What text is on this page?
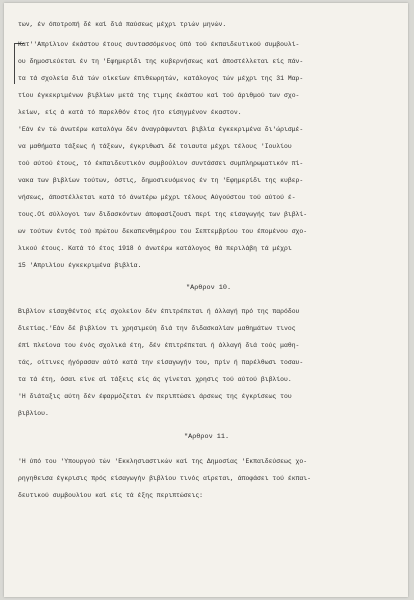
των, έν όποτροπή δέ καί διά παύσεως μέχρι τριών μηνών.
Κατ''Απρίλιον έκάστου έτους συντασσόμενος ύπό τού έκπαιδευτικού συμβουλί-
ου δημοσιεύεται έν τη 'Εφημερίδι της κυβερνήσεως καί άποστέλλεται είς πάν-
τα τά σχολεία διά τών οίκείων έπιθεωρητών, κατάλογος τών μέχρι της 31 Μαρ-
τίου έγκεκριμένων βιβλίων μετά της τιμης έκάστου καί τού άριθμού των σχο-
λείων, είς ά κατά τό παρελθόν έτος ήτο είσηγμένον έκαστον.
'Εάν έν τώ άνωτέρω καταλόγω δέν άναγράφωνται βιβλία έγκεκριμένα δι'ώρισμέ-
να μαθήματα τάξεως ή τάξεων, έγκριθωσι δέ τοιαυτα μέχρι τέλους 'Ιουλίου
τού αύτού έτους, τό έκπαιδευτικόν συμβούλιον συντάσσει συμπληρωματικόν πί-
νακα των βιβλίων τούτων, όστις, δημοσιευόμενος έν τη 'Εφημερίδι της κυβερ-
νήσεως, άποστέλλεται κατά τό άνωτέρω μέχρι τέλους Αύγούστου τού αύτού έ-
τους.Οί σύλλογοι των διδασκόντων άποφασίζουσι περί της είσαγωγής των βιβλί-
ων τούτων έντός τού πρώτου δεκαπενθημέρου του Σεπτεμβρίου του έπομένου σχο-
λικού έτους. Κατά τό έτος 1918 ό άνωτέρω κατάλογος θά περιλάβη τά μέχρι
15 'Απριλίου έγκεκριμένα βιβλία.
"Αρθρον 10.
Βιβλίον είσαχθέντος είς σχολείον δέν έπιτρέπεται ή άλλαγή πρό της παρόδου
διετίας.'Εάν δέ βιβλίον τι χρησιμεύη διά την διδασκαλίαν μαθημάτων τινος
έπί πλείονα του ένός σχολικά έτη, δέν έπιτρέπεται ή άλλαγή διά τούς μαθη-
τάς, οίτινες ήγόρασαν αύτό κατά την είσαγωγήν του, πρίν ή παρέλθωσι τοσαυ-
τα τά έτη, όσαι είνε αί τάξεις είς άς γίνεται χρησις τού αύτού βιβλίου.
'Η διάταξις αύτη δέν έφαρμόζεται έν περιπτώσει άρσεως της έγκρίσεως του
βιβλίου.
"Αρθρον 11.
'Η ύπό του 'Υπουργού τών 'Εκκλησιαστικών καί της Δημοσίας 'Εκπαιδεύσεως χο-
ρηγηθεισα έγκρισις πρός είσαγωγήν βιβλίου τινός αίρεται, άποφάσει τού έκπαι-
δευτικού συμβουλίου καί είς τά έξης περιπτώσεις:
